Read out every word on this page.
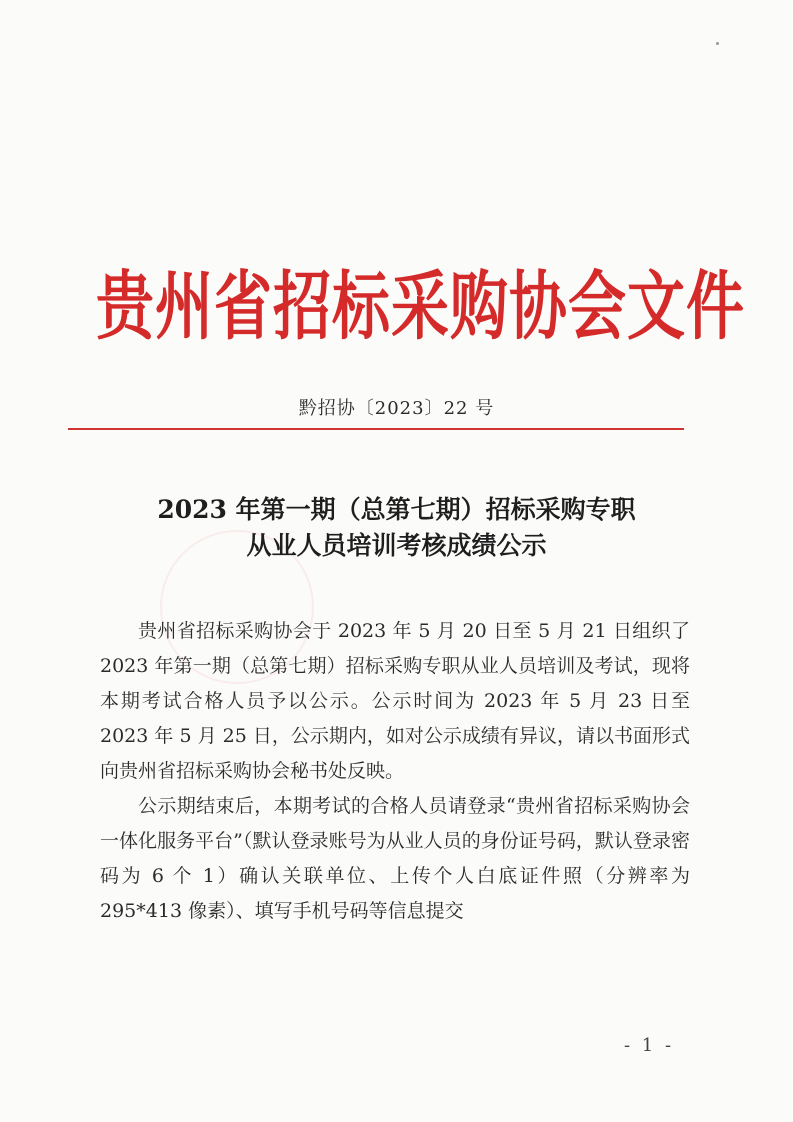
贵州省招标采购协会文件
黔招协〔2023〕22 号
2023 年第一期（总第七期）招标采购专职
从业人员培训考核成绩公示

贵州省招标采购协会于 2023 年 5 月 20 日至 5 月 21 日组织了 2023 年第一期（总第七期）招标采购专职从业人员培训及考试，现将本期考试合格人员予以公示。公示时间为 2023 年 5 月 23 日至 2023 年 5 月 25 日，公示期内，如对公示成绩有异议，请以书面形式向贵州省招标采购协会秘书处反映。

公示期结束后，本期考试的合格人员请登录“贵州省招标采购协会一体化服务平台”（默认登录账号为从业人员的身份证号码，默认登录密码为 6 个 1）确认关联单位、上传个人白底证件照（分辨率为 295*413 像素）、填写手机号码等信息提交

- 1 -
